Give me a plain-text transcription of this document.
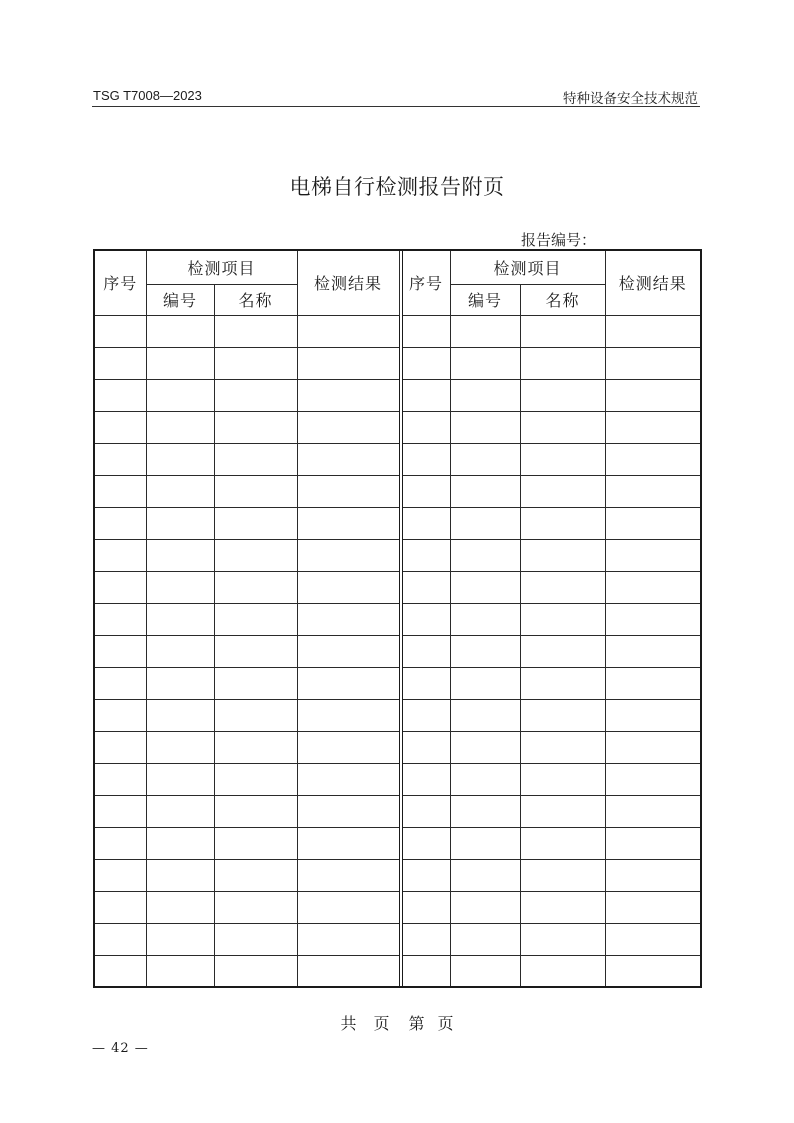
TSG T7008—2023	特种设备安全技术规范
电梯自行检测报告附页
报告编号：
序号	检测项目		检测结果		序号	检测项目		检测结果
	编号	名称				编号	名称	

共 页 第 页
— 42 —
